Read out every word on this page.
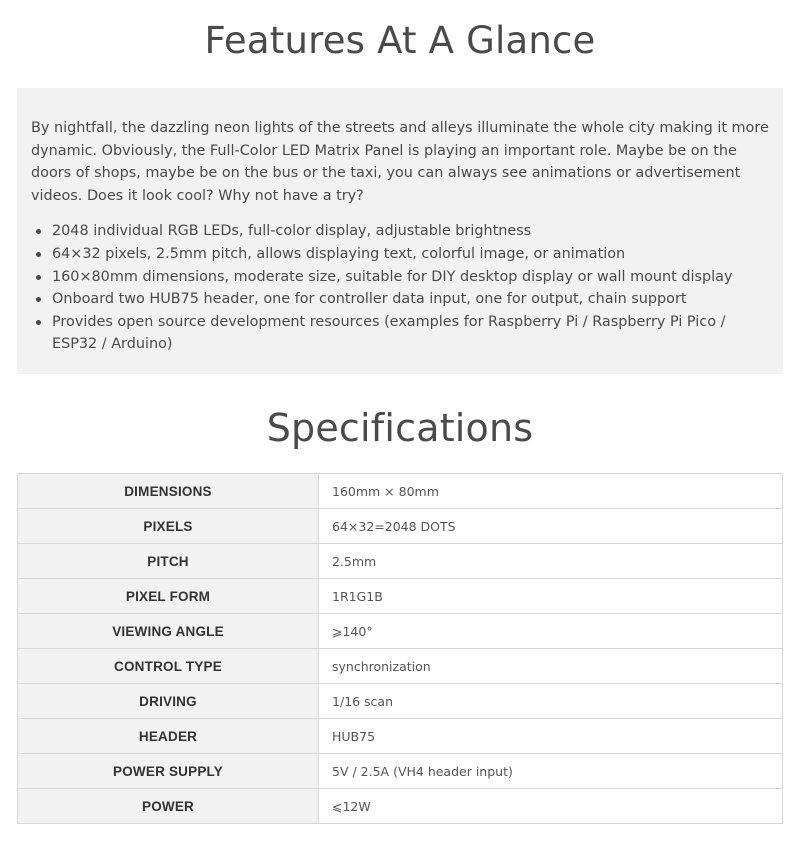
Features At A Glance

By nightfall, the dazzling neon lights of the streets and alleys illuminate the whole city making it more dynamic. Obviously, the Full-Color LED Matrix Panel is playing an important role. Maybe be on the doors of shops, maybe be on the bus or the taxi, you can always see animations or advertisement videos. Does it look cool? Why not have a try?

2048 individual RGB LEDs, full-color display, adjustable brightness
64×32 pixels, 2.5mm pitch, allows displaying text, colorful image, or animation
160×80mm dimensions, moderate size, suitable for DIY desktop display or wall mount display
Onboard two HUB75 header, one for controller data input, one for output, chain support
Provides open source development resources (examples for Raspberry Pi / Raspberry Pi Pico / ESP32 / Arduino)
Specifications
DIMENSIONS	160mm × 80mm
PIXELS	64×32=2048 DOTS
PITCH	2.5mm
PIXEL FORM	1R1G1B
VIEWING ANGLE	⩾140°
CONTROL TYPE	synchronization
DRIVING	1/16 scan
HEADER	HUB75
POWER SUPPLY	5V / 2.5A (VH4 header input)
POWER	⩽12W
